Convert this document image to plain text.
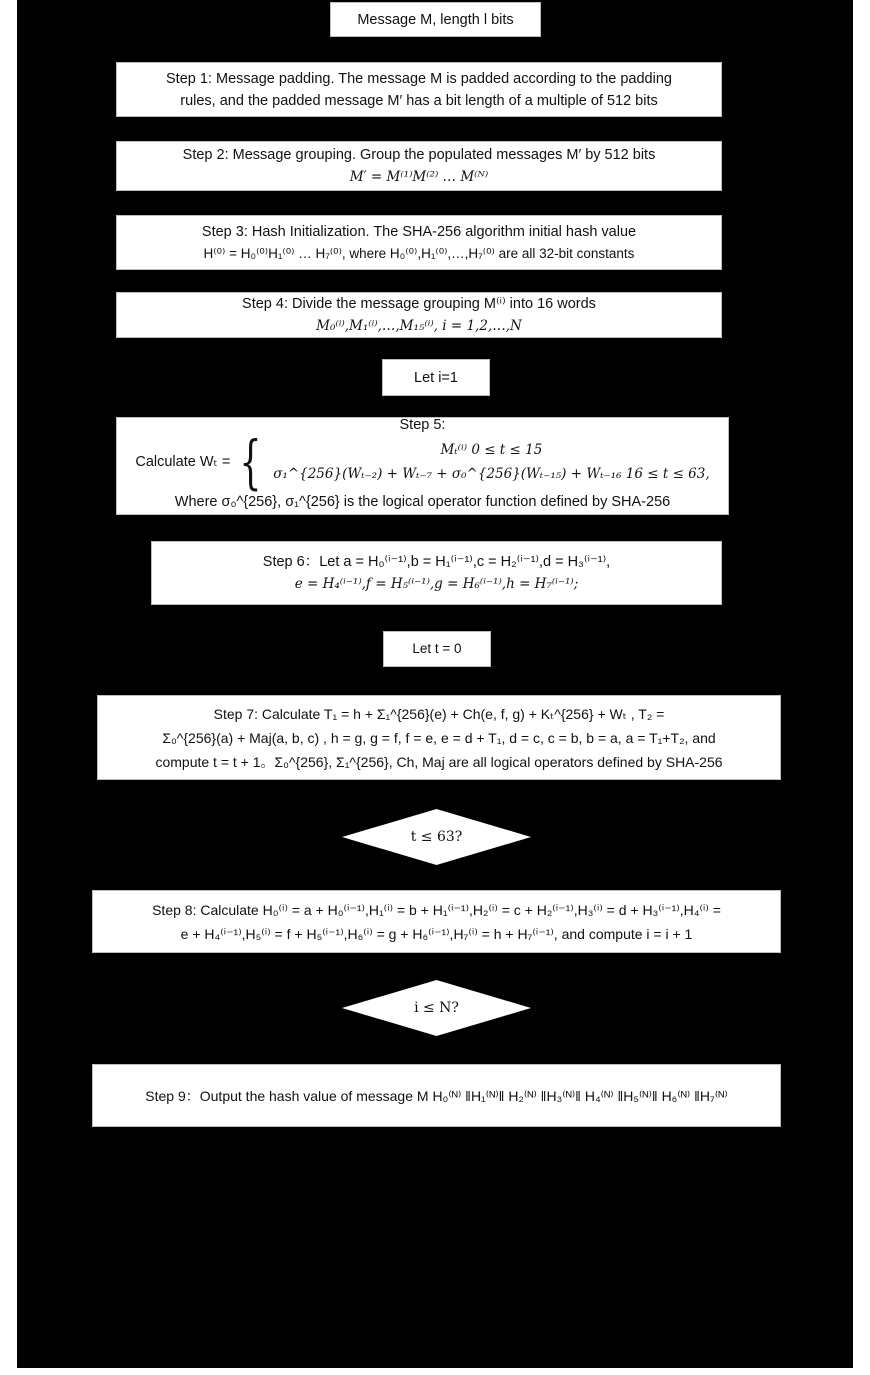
Message M, length l bits
Step 1: Message padding. The message M is padded according to the padding
rules, and the padded message M′ has a bit length of a multiple of 512 bits
Step 2: Message grouping. Group the populated messages M′ by 512 bits
M′ = M⁽¹⁾M⁽²⁾ … M⁽ᴺ⁾
Step 3: Hash Initialization. The SHA-256 algorithm initial hash value
H⁽⁰⁾ = H₀⁽⁰⁾H₁⁽⁰⁾ … H₇⁽⁰⁾, where H₀⁽⁰⁾,H₁⁽⁰⁾,…,H₇⁽⁰⁾ are all 32-bit constants
Step 4: Divide the message grouping M⁽ⁱ⁾ into 16 words
M₀⁽ⁱ⁾,M₁⁽ⁱ⁾,…,M₁₅⁽ⁱ⁾, i = 1,2,…,N
Let i=1
Step 5:
Calculate Wₜ = {	Mₜ⁽ⁱ⁾ 0 ≤ t ≤ 15
σ₁^{256}(Wₜ₋₂) + Wₜ₋₇ + σ₀^{256}(Wₜ₋₁₅) + Wₜ₋₁₆ 16 ≤ t ≤ 63,
Where σ₀^{256}, σ₁^{256} is the logical operator function defined by SHA-256
Step 6：Let a = H₀⁽ⁱ⁻¹⁾,b = H₁⁽ⁱ⁻¹⁾,c = H₂⁽ⁱ⁻¹⁾,d = H₃⁽ⁱ⁻¹⁾,
e = H₄⁽ⁱ⁻¹⁾,f = H₅⁽ⁱ⁻¹⁾,g = H₆⁽ⁱ⁻¹⁾,h = H₇⁽ⁱ⁻¹⁾;
Let t = 0
Step 7: Calculate T₁ = h + Σ₁^{256}(e) + Ch(e, f, g) + Kₜ^{256} + Wₜ , T₂ =
Σ₀^{256}(a) + Maj(a, b, c) , h = g, g = f, f = e, e = d + T₁, d = c, c = b, b = a, a = T₁+T₂, and
compute t = t + 1。Σ₀^{256}, Σ₁^{256}, Ch, Maj are all logical operators defined by SHA-256
t ≤ 63?
Step 8: Calculate H₀⁽ⁱ⁾ = a + H₀⁽ⁱ⁻¹⁾,H₁⁽ⁱ⁾ = b + H₁⁽ⁱ⁻¹⁾,H₂⁽ⁱ⁾ = c + H₂⁽ⁱ⁻¹⁾,H₃⁽ⁱ⁾ = d + H₃⁽ⁱ⁻¹⁾,H₄⁽ⁱ⁾ =
e + H₄⁽ⁱ⁻¹⁾,H₅⁽ⁱ⁾ = f + H₅⁽ⁱ⁻¹⁾,H₆⁽ⁱ⁾ = g + H₆⁽ⁱ⁻¹⁾,H₇⁽ⁱ⁾ = h + H₇⁽ⁱ⁻¹⁾, and compute i = i + 1
i ≤ N?
Step 9：Output the hash value of message M H₀⁽ᴺ⁾ ‖H₁⁽ᴺ⁾‖ H₂⁽ᴺ⁾ ‖H₃⁽ᴺ⁾‖ H₄⁽ᴺ⁾ ‖H₅⁽ᴺ⁾‖ H₆⁽ᴺ⁾ ‖H₇⁽ᴺ⁾
